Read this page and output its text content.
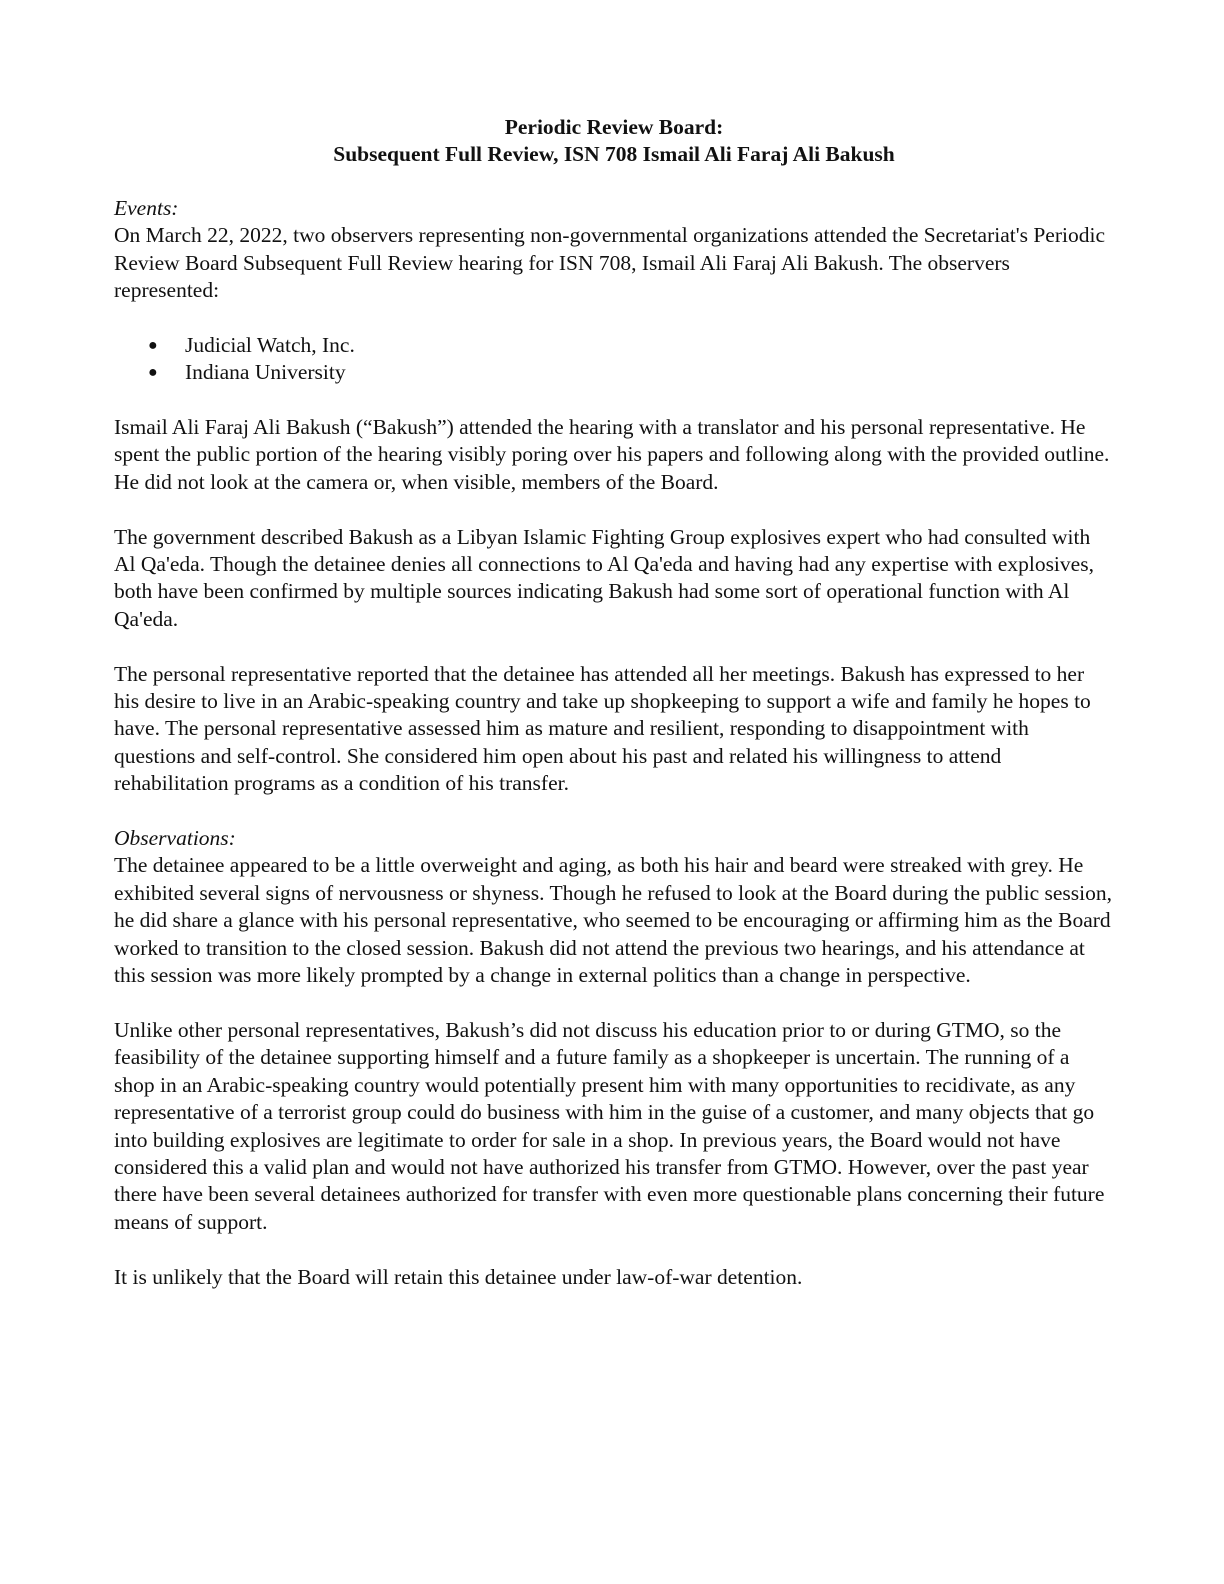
Periodic Review Board:
Subsequent Full Review, ISN 708 Ismail Ali Faraj Ali Bakush
Events:

On March 22, 2022, two observers representing non-governmental organizations attended the Secretariat's Periodic Review Board Subsequent Full Review hearing for ISN 708, Ismail Ali Faraj Ali Bakush. The observers represented:

● Judicial Watch, Inc.
● Indiana University

Ismail Ali Faraj Ali Bakush (“Bakush”) attended the hearing with a translator and his personal representative. He spent the public portion of the hearing visibly poring over his papers and following along with the provided outline. He did not look at the camera or, when visible, members of the Board.

The government described Bakush as a Libyan Islamic Fighting Group explosives expert who had consulted with Al Qa'eda. Though the detainee denies all connections to Al Qa'eda and having had any expertise with explosives, both have been confirmed by multiple sources indicating Bakush had some sort of operational function with Al Qa'eda.

The personal representative reported that the detainee has attended all her meetings. Bakush has expressed to her his desire to live in an Arabic-speaking country and take up shopkeeping to support a wife and family he hopes to have. The personal representative assessed him as mature and resilient, responding to disappointment with questions and self-control. She considered him open about his past and related his willingness to attend rehabilitation programs as a condition of his transfer.

Observations:

The detainee appeared to be a little overweight and aging, as both his hair and beard were streaked with grey. He exhibited several signs of nervousness or shyness. Though he refused to look at the Board during the public session, he did share a glance with his personal representative, who seemed to be encouraging or affirming him as the Board worked to transition to the closed session. Bakush did not attend the previous two hearings, and his attendance at this session was more likely prompted by a change in external politics than a change in perspective.

Unlike other personal representatives, Bakush’s did not discuss his education prior to or during GTMO, so the feasibility of the detainee supporting himself and a future family as a shopkeeper is uncertain. The running of a shop in an Arabic-speaking country would potentially present him with many opportunities to recidivate, as any representative of a terrorist group could do business with him in the guise of a customer, and many objects that go into building explosives are legitimate to order for sale in a shop. In previous years, the Board would not have considered this a valid plan and would not have authorized his transfer from GTMO. However, over the past year there have been several detainees authorized for transfer with even more questionable plans concerning their future means of support.

It is unlikely that the Board will retain this detainee under law-of-war detention.
